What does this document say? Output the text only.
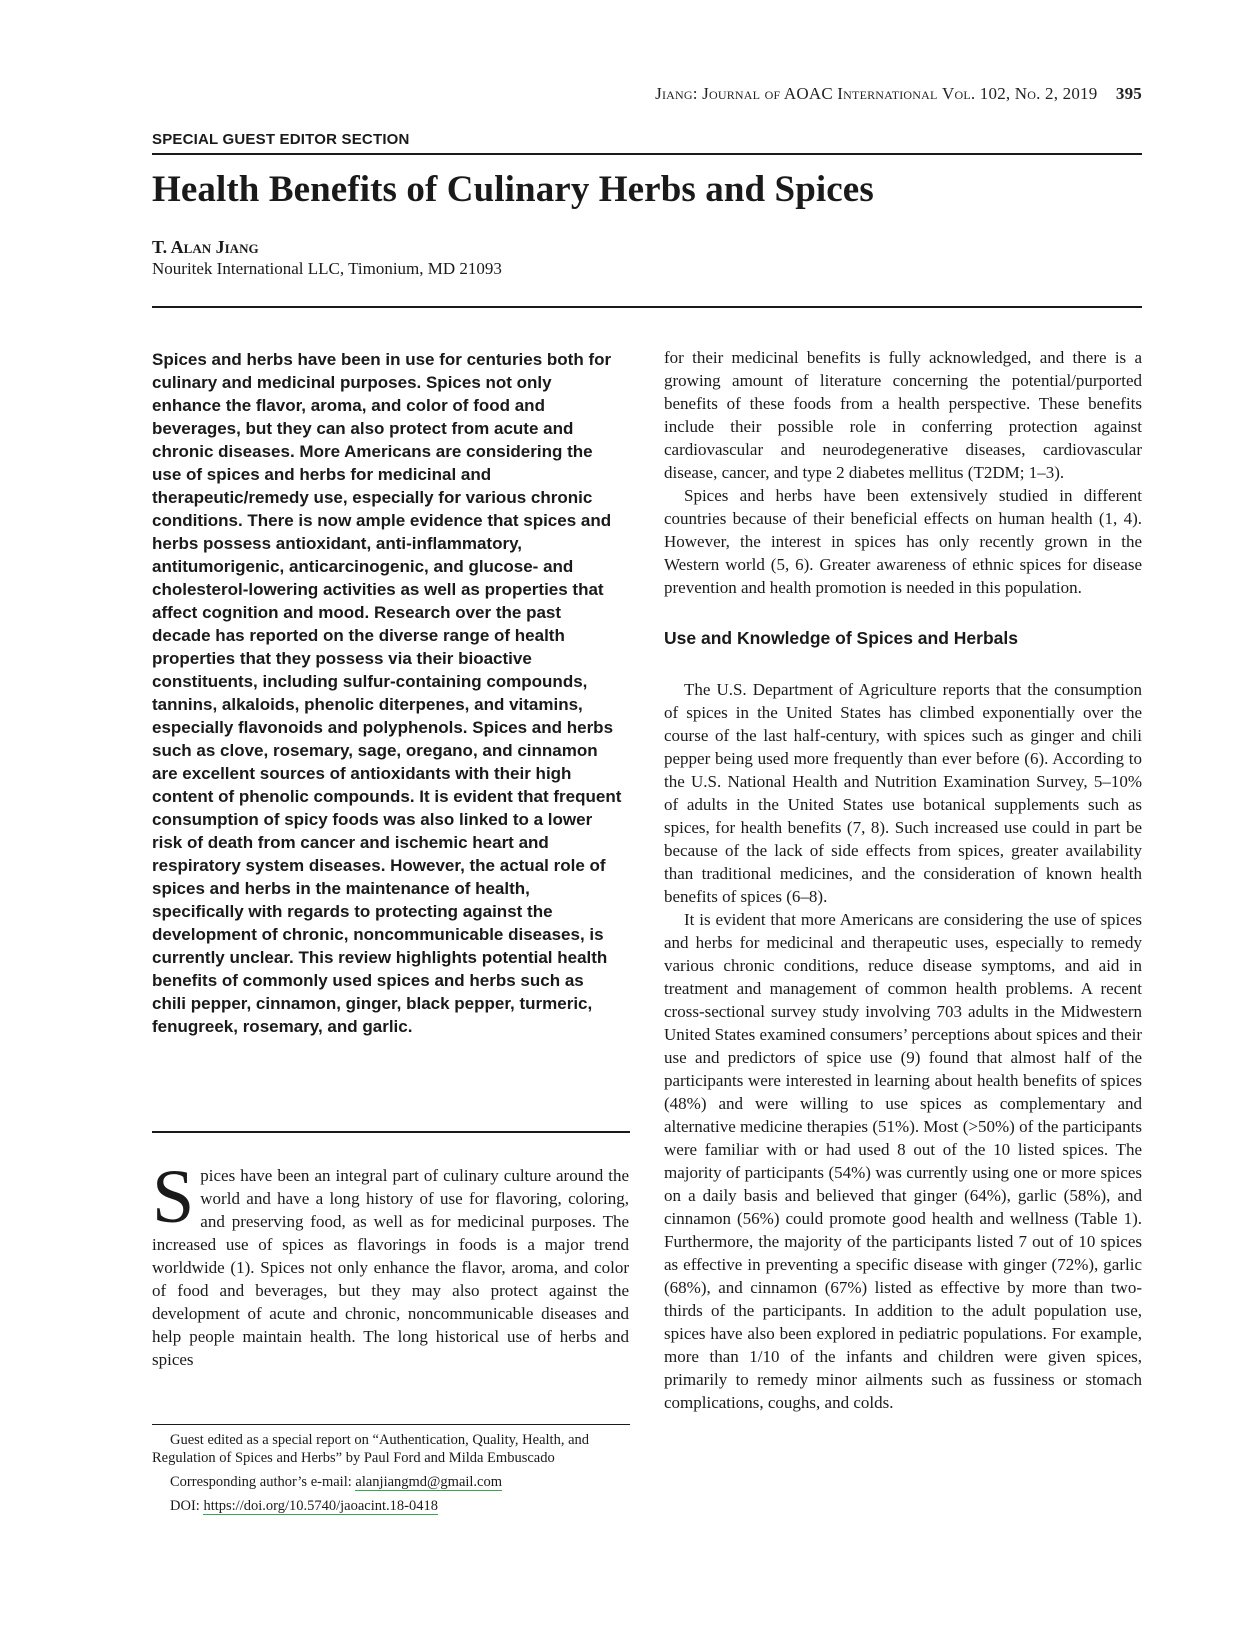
Jiang: Journal of AOAC International Vol. 102, No. 2, 2019 395
SPECIAL GUEST EDITOR SECTION
Health Benefits of Culinary Herbs and Spices
T. Alan Jiang
Nouritek International LLC, Timonium, MD 21093

Spices and herbs have been in use for centuries both for culinary and medicinal purposes. Spices not only enhance the flavor, aroma, and color of food and beverages, but they can also protect from acute and chronic diseases. More Americans are considering the use of spices and herbs for medicinal and therapeutic/remedy use, especially for various chronic conditions. There is now ample evidence that spices and herbs possess antioxidant, anti-inflammatory, antitumorigenic, anticarcinogenic, and glucose- and cholesterol-lowering activities as well as properties that affect cognition and mood. Research over the past decade has reported on the diverse range of health properties that they possess via their bioactive constituents, including sulfur-containing compounds, tannins, alkaloids, phenolic diterpenes, and vitamins, especially flavonoids and polyphenols. Spices and herbs such as clove, rosemary, sage, oregano, and cinnamon are excellent sources of antioxidants with their high content of phenolic compounds. It is evident that frequent consumption of spicy foods was also linked to a lower risk of death from cancer and ischemic heart and respiratory system diseases. However, the actual role of spices and herbs in the maintenance of health, specifically with regards to protecting against the development of chronic, noncommunicable diseases, is currently unclear. This review highlights potential health benefits of commonly used spices and herbs such as chili pepper, cinnamon, ginger, black pepper, turmeric, fenugreek, rosemary, and garlic.

Spices have been an integral part of culinary culture around the world and have a long history of use for flavoring, coloring, and preserving food, as well as for medicinal purposes. The increased use of spices as flavorings in foods is a major trend worldwide (1). Spices not only enhance the flavor, aroma, and color of food and beverages, but they may also protect against the development of acute and chronic, noncommunicable diseases and help people maintain health. The long historical use of herbs and spices

Guest edited as a special report on “Authentication, Quality, Health, and Regulation of Spices and Herbs” by Paul Ford and Milda Embuscado

Corresponding author’s e-mail: alanjiangmd@gmail.com

DOI: https://doi.org/10.5740/jaoacint.18-0418

for their medicinal benefits is fully acknowledged, and there is a growing amount of literature concerning the potential/purported benefits of these foods from a health perspective. These benefits include their possible role in conferring protection against cardiovascular and neurodegenerative diseases, cardiovascular disease, cancer, and type 2 diabetes mellitus (T2DM; 1–3).

Spices and herbs have been extensively studied in different countries because of their beneficial effects on human health (1, 4). However, the interest in spices has only recently grown in the Western world (5, 6). Greater awareness of ethnic spices for disease prevention and health promotion is needed in this population.

Use and Knowledge of Spices and Herbals

The U.S. Department of Agriculture reports that the consumption of spices in the United States has climbed exponentially over the course of the last half-century, with spices such as ginger and chili pepper being used more frequently than ever before (6). According to the U.S. National Health and Nutrition Examination Survey, 5–10% of adults in the United States use botanical supplements such as spices, for health benefits (7, 8). Such increased use could in part be because of the lack of side effects from spices, greater availability than traditional medicines, and the consideration of known health benefits of spices (6–8).

It is evident that more Americans are considering the use of spices and herbs for medicinal and therapeutic uses, especially to remedy various chronic conditions, reduce disease symptoms, and aid in treatment and management of common health problems. A recent cross-sectional survey study involving 703 adults in the Midwestern United States examined consumers’ perceptions about spices and their use and predictors of spice use (9) found that almost half of the participants were interested in learning about health benefits of spices (48%) and were willing to use spices as complementary and alternative medicine therapies (51%). Most (>50%) of the participants were familiar with or had used 8 out of the 10 listed spices. The majority of participants (54%) was currently using one or more spices on a daily basis and believed that ginger (64%), garlic (58%), and cinnamon (56%) could promote good health and wellness (Table 1). Furthermore, the majority of the participants listed 7 out of 10 spices as effective in preventing a specific disease with ginger (72%), garlic (68%), and cinnamon (67%) listed as effective by more than two-thirds of the participants. In addition to the adult population use, spices have also been explored in pediatric populations. For example, more than 1/10 of the infants and children were given spices, primarily to remedy minor ailments such as fussiness or stomach complications, coughs, and colds.
